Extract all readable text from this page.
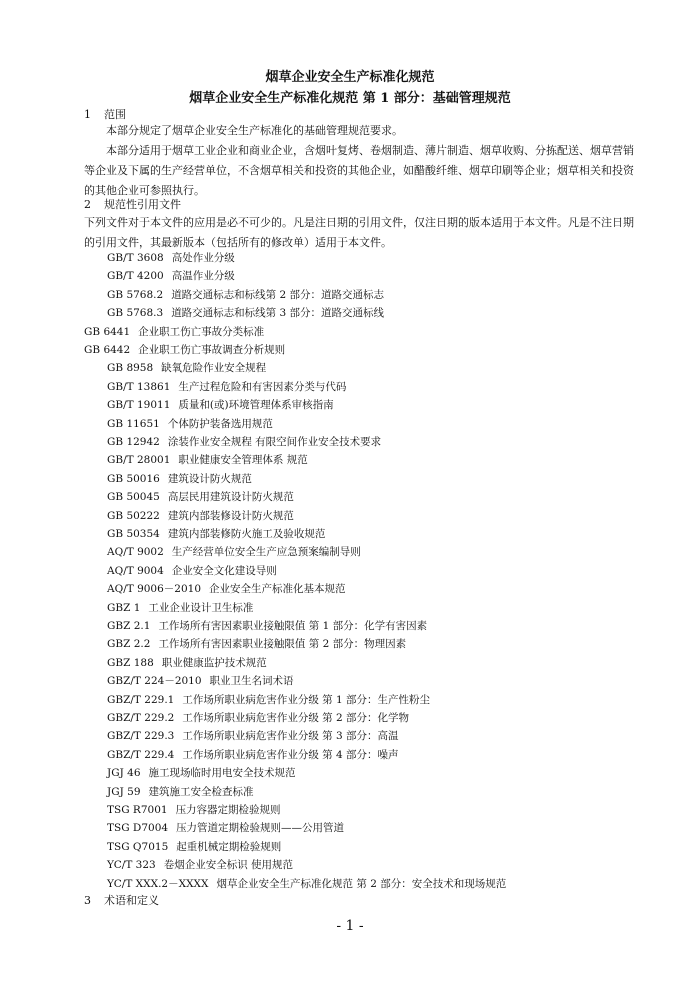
烟草企业安全生产标准化规范
烟草企业安全生产标准化规范 第 1 部分：基础管理规范
1 范围
本部分规定了烟草企业安全生产标准化的基础管理规范要求。
本部分适用于烟草工业企业和商业企业，含烟叶复烤、卷烟制造、薄片制造、烟草收购、分拣配送、烟草营销等企业及下属的生产经营单位，不含烟草相关和投资的其他企业，如醋酸纤维、烟草印刷等企业；烟草相关和投资的其他企业可参照执行。
2 规范性引用文件
下列文件对于本文件的应用是必不可少的。凡是注日期的引用文件，仅注日期的版本适用于本文件。凡是不注日期的引用文件，其最新版本（包括所有的修改单）适用于本文件。
GB/T 3608 高处作业分级
GB/T 4200 高温作业分级
GB 5768.2 道路交通标志和标线第 2 部分：道路交通标志
GB 5768.3 道路交通标志和标线第 3 部分：道路交通标线
GB 6441 企业职工伤亡事故分类标准
GB 6442 企业职工伤亡事故调查分析规则
GB 8958 缺氧危险作业安全规程
GB/T 13861 生产过程危险和有害因素分类与代码
GB/T 19011 质量和(或)环境管理体系审核指南
GB 11651 个体防护装备选用规范
GB 12942 涂装作业安全规程 有限空间作业安全技术要求
GB/T 28001 职业健康安全管理体系 规范
GB 50016 建筑设计防火规范
GB 50045 高层民用建筑设计防火规范
GB 50222 建筑内部装修设计防火规范
GB 50354 建筑内部装修防火施工及验收规范
AQ/T 9002 生产经营单位安全生产应急预案编制导则
AQ/T 9004 企业安全文化建设导则
AQ/T 9006－2010 企业安全生产标准化基本规范
GBZ 1 工业企业设计卫生标准
GBZ 2.1 工作场所有害因素职业接触限值 第 1 部分：化学有害因素
GBZ 2.2 工作场所有害因素职业接触限值 第 2 部分：物理因素
GBZ 188 职业健康监护技术规范
GBZ/T 224－2010 职业卫生名词术语
GBZ/T 229.1 工作场所职业病危害作业分级 第 1 部分：生产性粉尘
GBZ/T 229.2 工作场所职业病危害作业分级 第 2 部分：化学物
GBZ/T 229.3 工作场所职业病危害作业分级 第 3 部分：高温
GBZ/T 229.4 工作场所职业病危害作业分级 第 4 部分：噪声
JGJ 46 施工现场临时用电安全技术规范
JGJ 59 建筑施工安全检查标准
TSG R7001 压力容器定期检验规则
TSG D7004 压力管道定期检验规则——公用管道
TSG Q7015 起重机械定期检验规则
YC/T 323 卷烟企业安全标识 使用规范
YC/T XXX.2－XXXX 烟草企业安全生产标准化规范 第 2 部分：安全技术和现场规范
3 术语和定义
- 1 -
